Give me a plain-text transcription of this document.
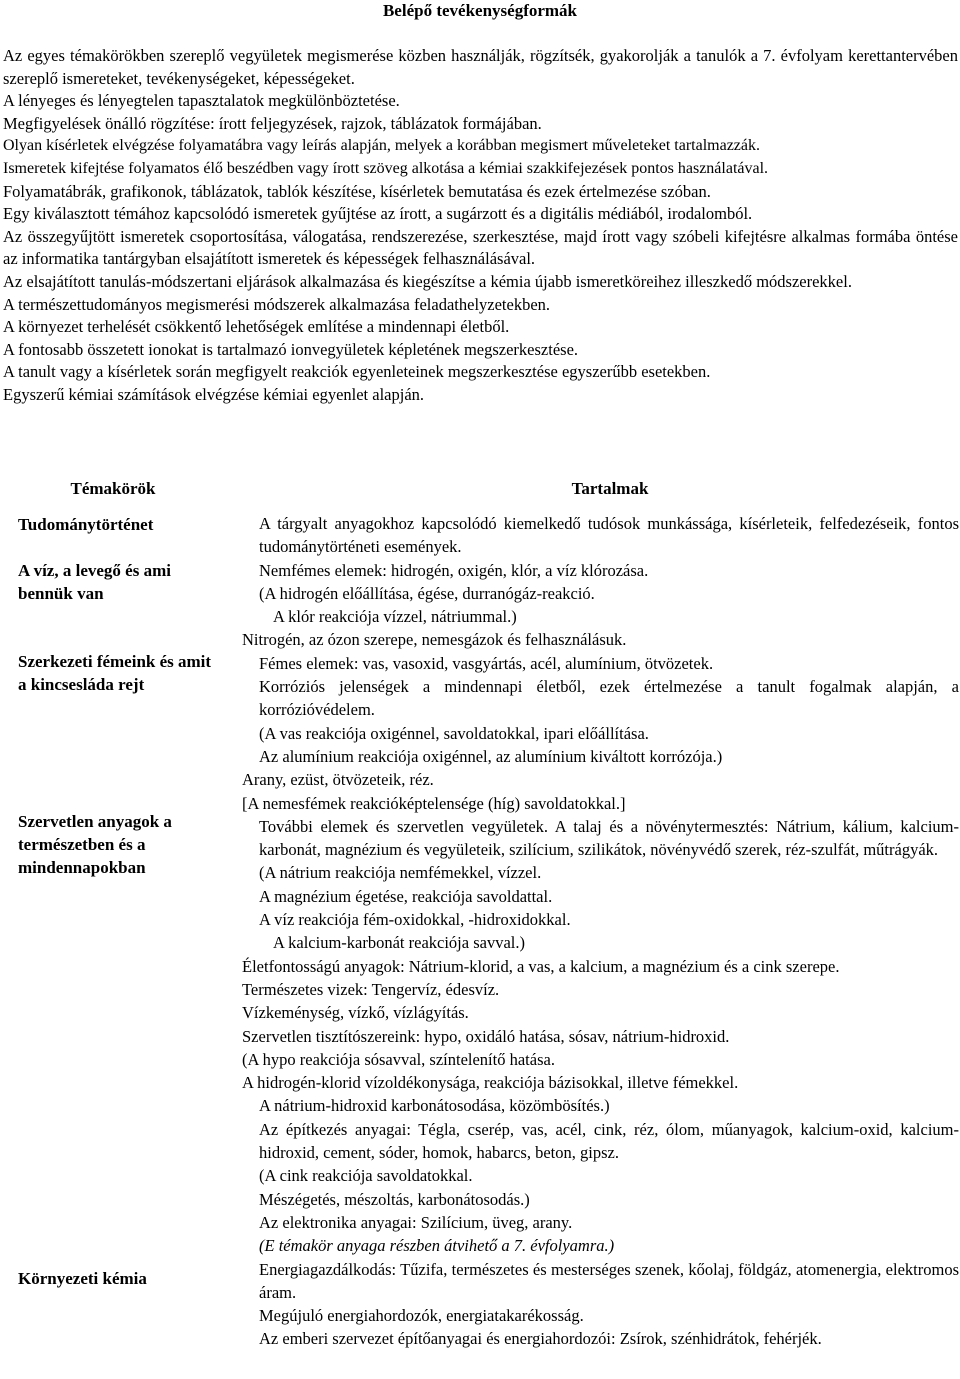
Belépő tevékenységformák

Az egyes témakörökben szereplő vegyületek megismerése közben használják, rögzítsék, gyakorolják a tanulók a 7. évfolyam kerettantervében szereplő ismereteket, tevékenységeket, képességeket.

A lényeges és lényegtelen tapasztalatok megkülönböztetése.

Megfigyelések önálló rögzítése: írott feljegyzések, rajzok, táblázatok formájában.

Olyan kísérletek elvégzése folyamatábra vagy leírás alapján, melyek a korábban megismert műveleteket tartalmazzák.

Ismeretek kifejtése folyamatos élő beszédben vagy írott szöveg alkotása a kémiai szakkifejezések pontos használatával.

Folyamatábrák, grafikonok, táblázatok, tablók készítése, kísérletek bemutatása és ezek értelmezése szóban.

Egy kiválasztott témához kapcsolódó ismeretek gyűjtése az írott, a sugárzott és a digitális médiából, irodalomból.

Az összegyűjtött ismeretek csoportosítása, válogatása, rendszerezése, szerkesztése, majd írott vagy szóbeli kifejtésre alkalmas formába öntése az informatika tantárgyban elsajátított ismeretek és képességek felhasználásával.

Az elsajátított tanulás-módszertani eljárások alkalmazása és kiegészítse a kémia újabb ismeretköreihez illeszkedő módszerekkel.

A természettudományos megismerési módszerek alkalmazása feladathelyzetekben.

A környezet terhelését csökkentő lehetőségek említése a mindennapi életből.

A fontosabb összetett ionokat is tartalmazó ionvegyületek képletének megszerkesztése.

A tanult vagy a kísérletek során megfigyelt reakciók egyenleteinek megszerkesztése egyszerűbb esetekben.

Egyszerű kémiai számítások elvégzése kémiai egyenlet alapján.

Témakörök	Tartalmak
Tudománytörténet
A víz, a levegő és ami bennük van
Szerkezeti fémeink és amit a kincsesláda rejt
Szervetlen anyagok a természetben és a mindennapokban
Környezeti kémia

A tárgyalt anyagokhoz kapcsolódó kiemelkedő tudósok munkássága, kísérleteik, felfedezéseik, fontos tudománytörténeti események.

Nemfémes elemek: hidrogén, oxigén, klór, a víz klórozása.

(A hidrogén előállítása, égése, durranógáz-reakció.

A klór reakciója vízzel, nátriummal.)

Nitrogén, az ózon szerepe, nemesgázok és felhasználásuk.

Fémes elemek: vas, vasoxid, vasgyártás, acél, alumínium, ötvözetek.

Korróziós jelenségek a mindennapi életből, ezek értelmezése a tanult fogalmak alapján, a korrózióvédelem.

(A vas reakciója oxigénnel, savoldatokkal, ipari előállítása.

Az alumínium reakciója oxigénnel, az alumínium kiváltott korrózója.)

Arany, ezüst, ötvözeteik, réz.

[A nemesfémek reakcióképtelensége (híg) savoldatokkal.]

További elemek és szervetlen vegyületek. A talaj és a növénytermesztés: Nátrium, kálium, kalcium-karbonát, magnézium és vegyületeik, szilícium, szilikátok, növényvédő szerek, réz-szulfát, műtrágyák.

(A nátrium reakciója nemfémekkel, vízzel.

A magnézium égetése, reakciója savoldattal.

A víz reakciója fém-oxidokkal, -hidroxidokkal.

A kalcium-karbonát reakciója savval.)

Életfontosságú anyagok: Nátrium-klorid, a vas, a kalcium, a magnézium és a cink szerepe.

Természetes vizek: Tengervíz, édesvíz.

Vízkeménység, vízkő, vízlágyítás.

Szervetlen tisztítószereink: hypo, oxidáló hatása, sósav, nátrium-hidroxid.

(A hypo reakciója sósavval, színtelenítő hatása.

A hidrogén-klorid vízoldékonysága, reakciója bázisokkal, illetve fémekkel.

A nátrium-hidroxid karbonátosodása, közömbösítés.)

Az építkezés anyagai: Tégla, cserép, vas, acél, cink, réz, ólom, műanyagok, kalcium-oxid, kalcium-hidroxid, cement, sóder, homok, habarcs, beton, gipsz.

(A cink reakciója savoldatokkal.

Mészégetés, mészoltás, karbonátosodás.)

Az elektronika anyagai: Szilícium, üveg, arany.

(E témakör anyaga részben átvihető a 7. évfolyamra.)

Energiagazdálkodás: Tűzifa, természetes és mesterséges szenek, kőolaj, földgáz, atomenergia, elektromos áram.

Megújuló energiahordozók, energiatakarékosság.

Az emberi szervezet építőanyagai és energiahordozói: Zsírok, szénhidrátok, fehérjék.
